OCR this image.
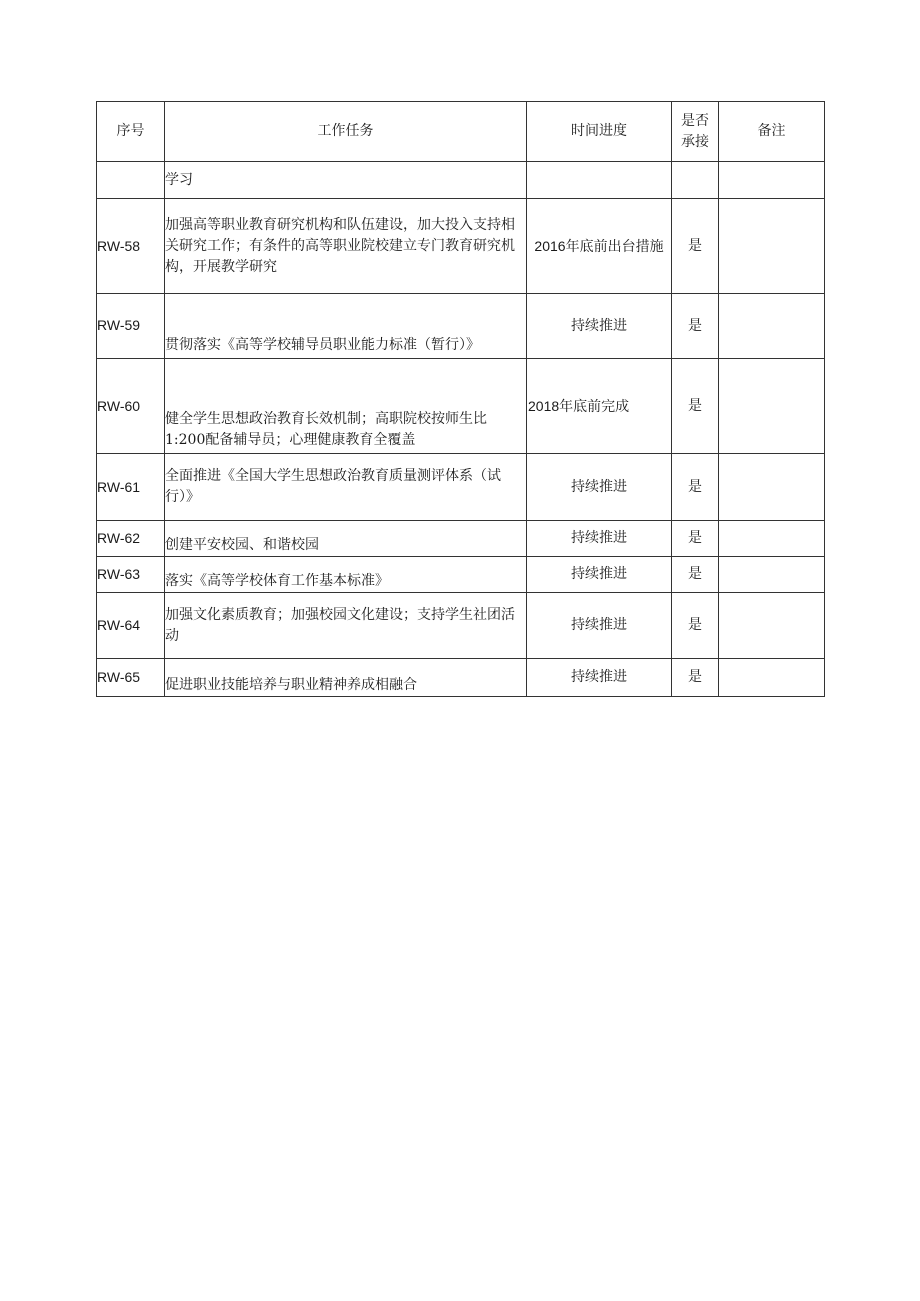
序号	工作任务	时间进度	是否承接	备注
	学习			
RW-58	加强高等职业教育研究机构和队伍建设，加大投入支持相关研究工作；有条件的高等职业院校建立专门教育研究机构，开展教学研究	2016年底前出台措施	是	
RW-59	贯彻落实《高等学校辅导员职业能力标准（暂行）》	持续推进	是	
RW-60	健全学生思想政治教育长效机制；高职院校按师生比1:200配备辅导员；心理健康教育全覆盖	2018年底前完成	是	
RW-61	全面推进《全国大学生思想政治教育质量测评体系（试行）》	持续推进	是	
RW-62	创建平安校园、和谐校园	持续推进	是	
RW-63	落实《高等学校体育工作基本标准》	持续推进	是	
RW-64	加强文化素质教育；加强校园文化建设；支持学生社团活动	持续推进	是	
RW-65	促进职业技能培养与职业精神养成相融合	持续推进	是	
